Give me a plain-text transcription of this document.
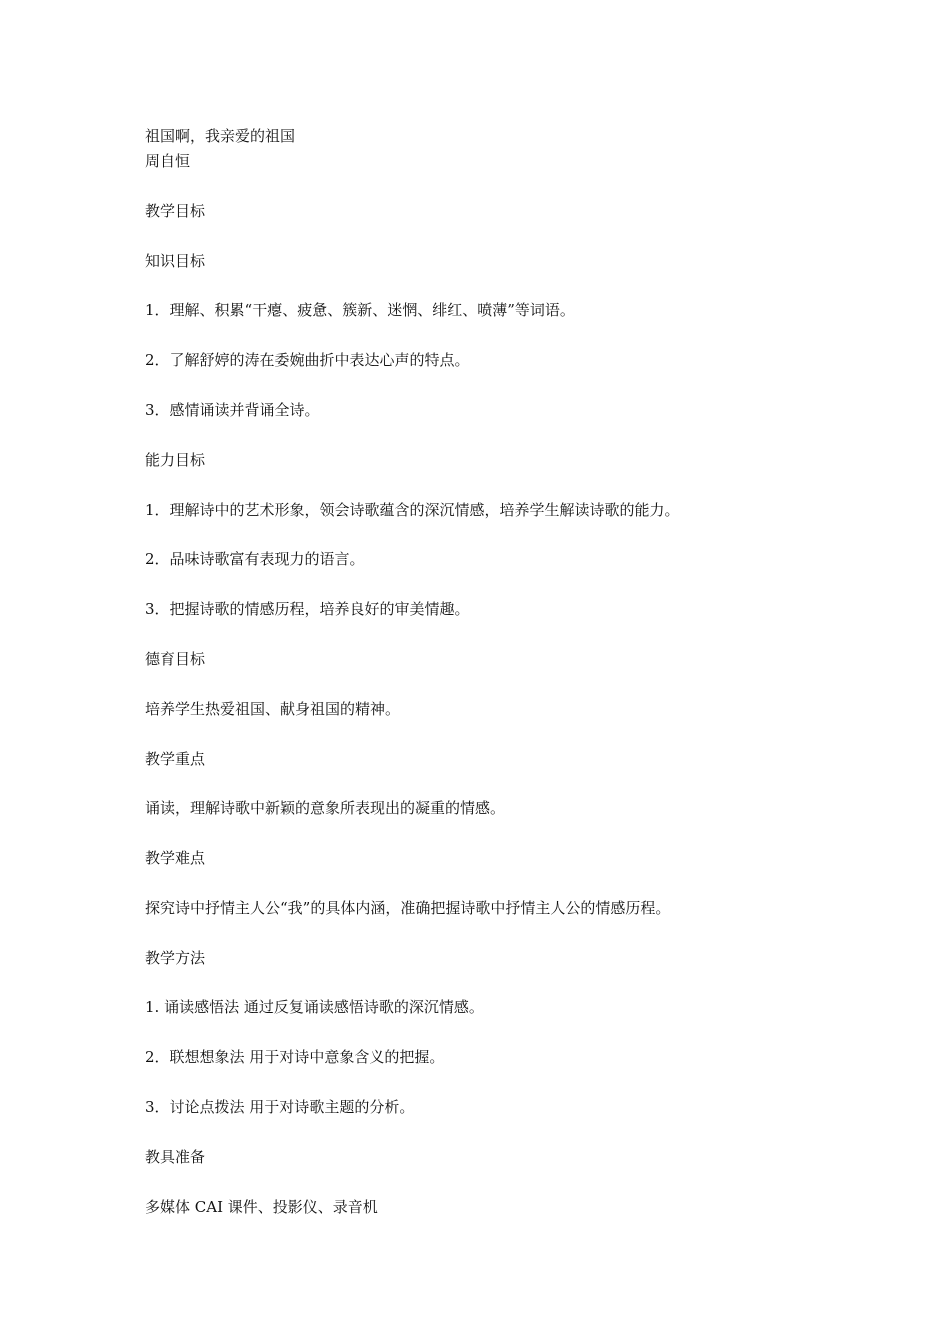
祖国啊，我亲爱的祖国
周自恒
教学目标
知识目标
1．理解、积累“干瘪、疲惫、簇新、迷惘、绯红、喷薄”等词语。
2．了解舒婷的涛在委婉曲折中表达心声的特点。
3．感情诵读并背诵全诗。
能力目标
1．理解诗中的艺术形象，领会诗歌蕴含的深沉情感，培养学生解读诗歌的能力。
2．品味诗歌富有表现力的语言。
3．把握诗歌的情感历程，培养良好的审美情趣。
德育目标
培养学生热爱祖国、献身祖国的精神。
教学重点
诵读，理解诗歌中新颖的意象所表现出的凝重的情感。
教学难点
探究诗中抒情主人公“我”的具体内涵，准确把握诗歌中抒情主人公的情感历程。
教学方法
1. 诵读感悟法 通过反复诵读感悟诗歌的深沉情感。
2．联想想象法 用于对诗中意象含义的把握。
3．讨论点拨法 用于对诗歌主题的分析。
教具准备
多媒体 CAI 课件、投影仪、录音机
